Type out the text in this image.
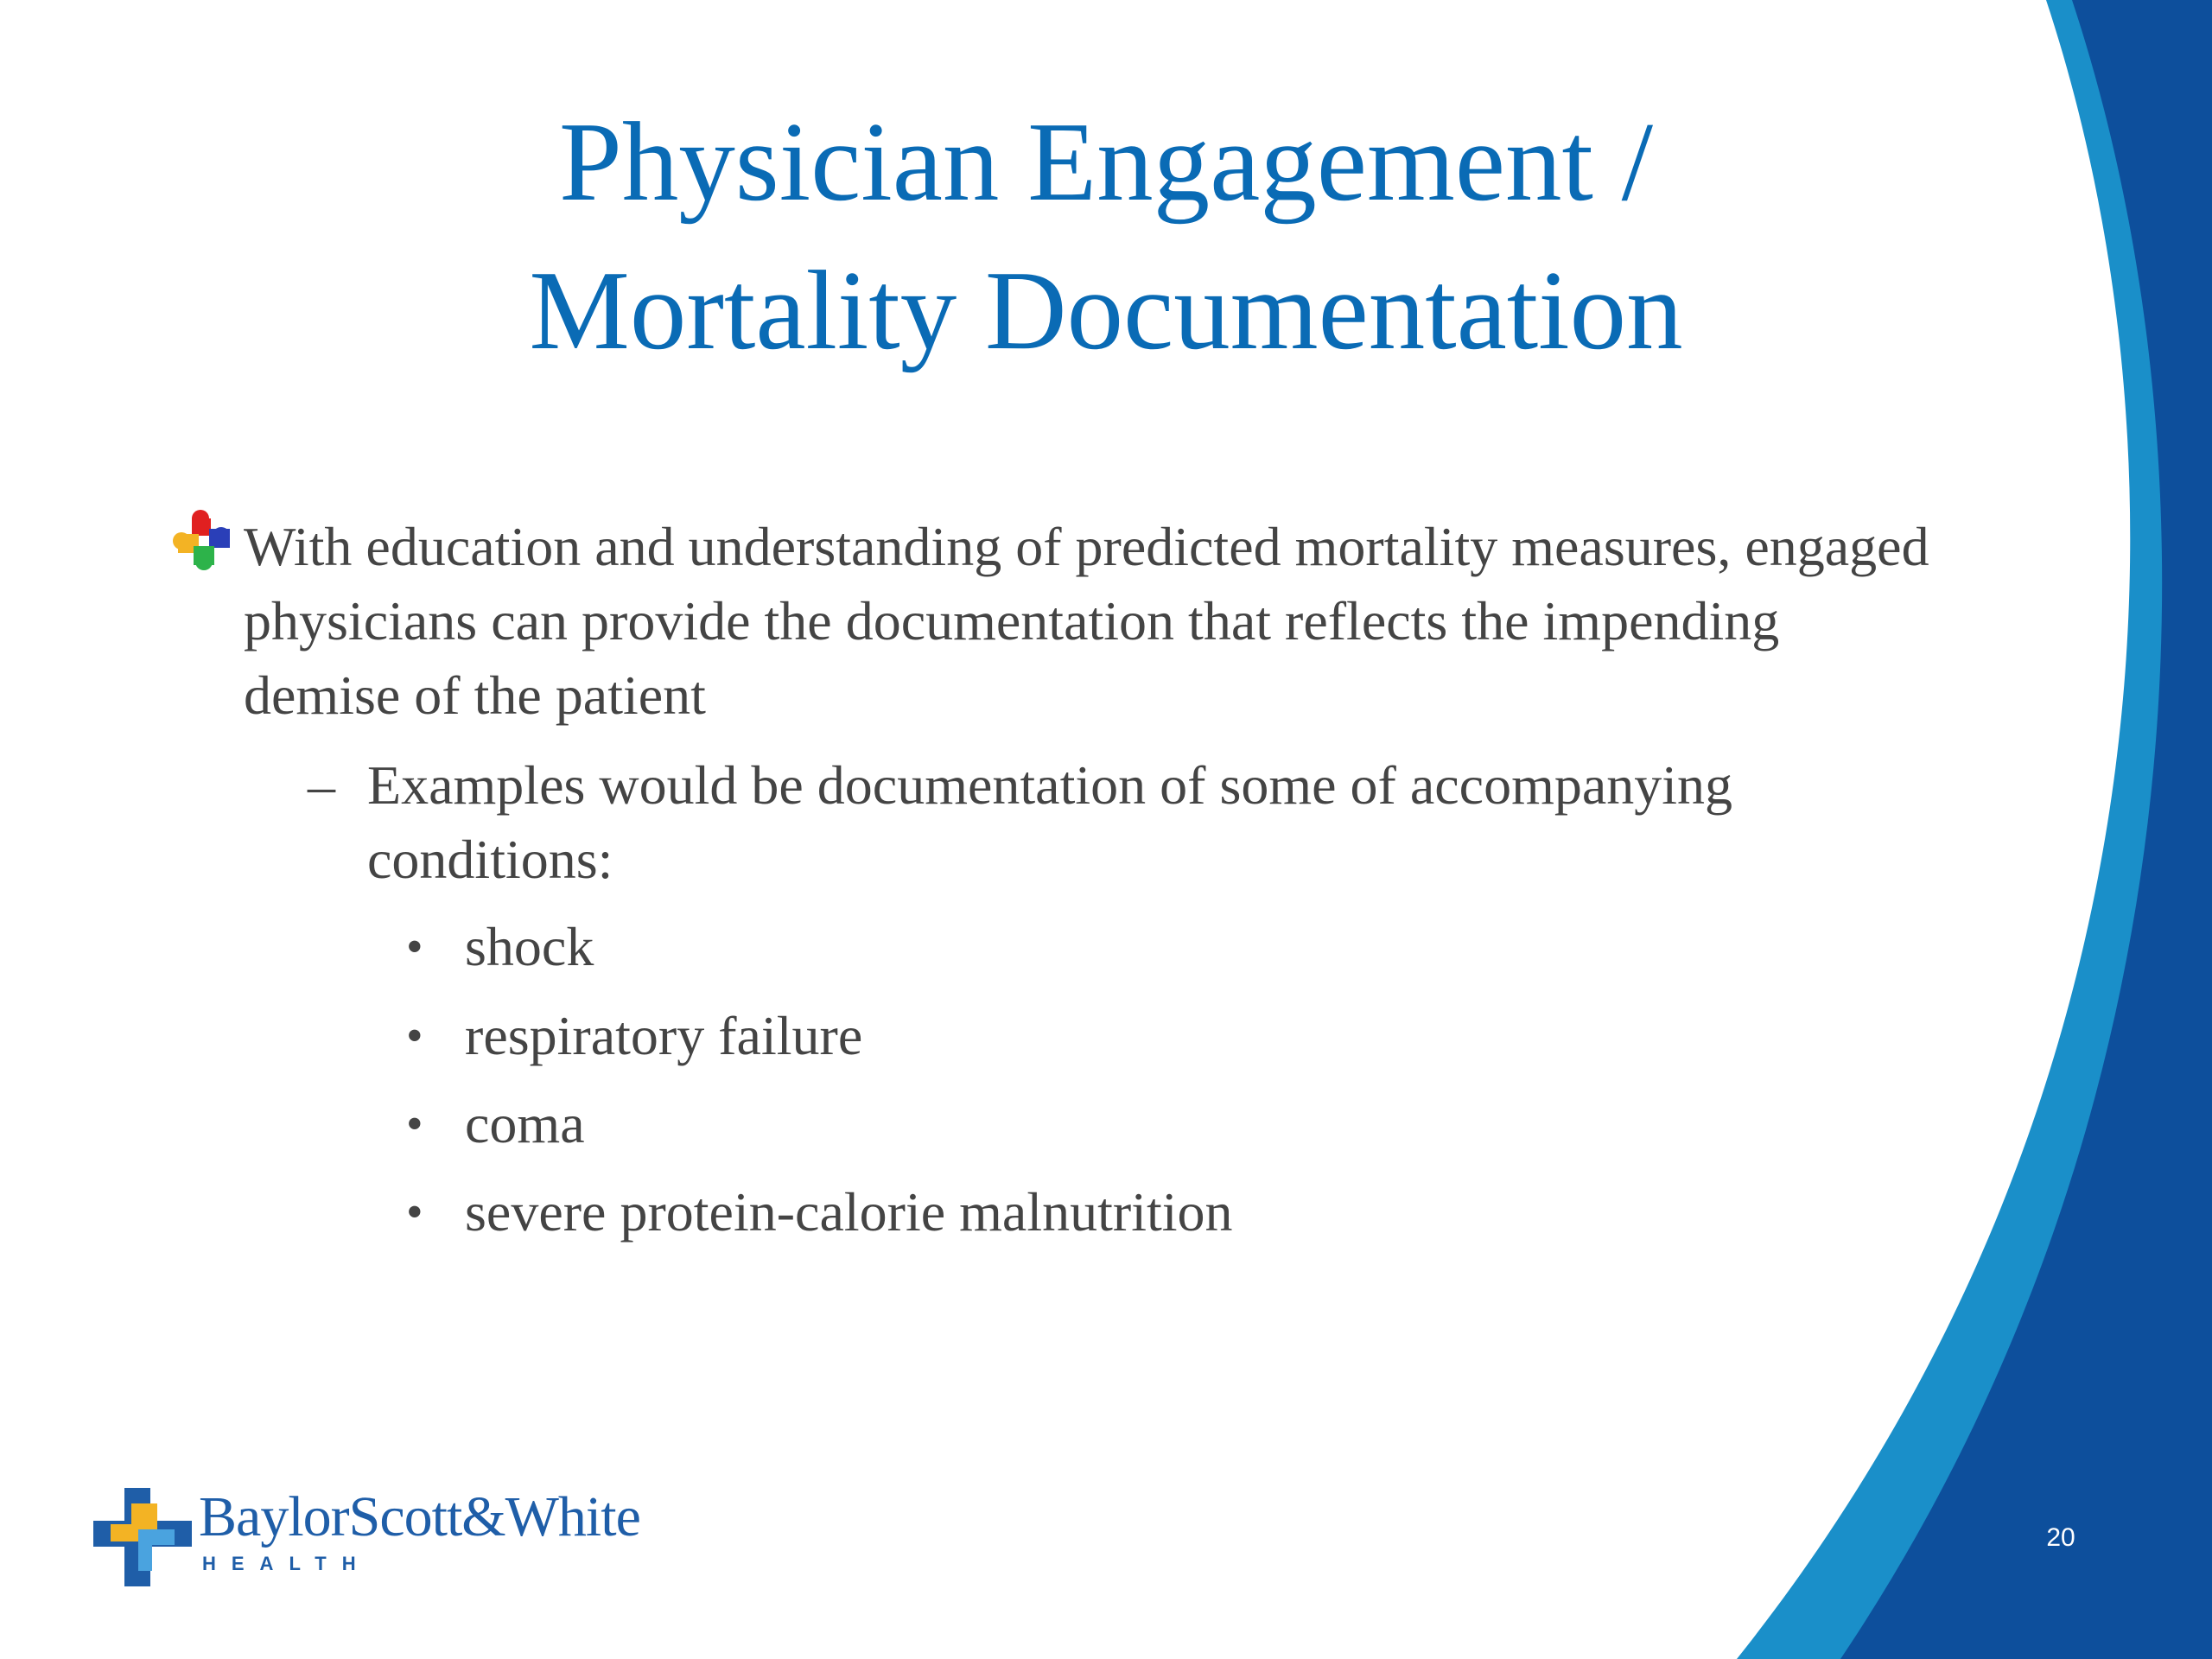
Physician Engagement /
Mortality Documentation

With education and understanding of predicted mortality measures, engaged physicians can provide the documentation that reflects the impending demise of the patient

– Examples would be documentation of some of accompanying conditions:

• shock
• respiratory failure
• coma
• severe protein-calorie malnutrition
BaylorScott&White
HEALTH
20
